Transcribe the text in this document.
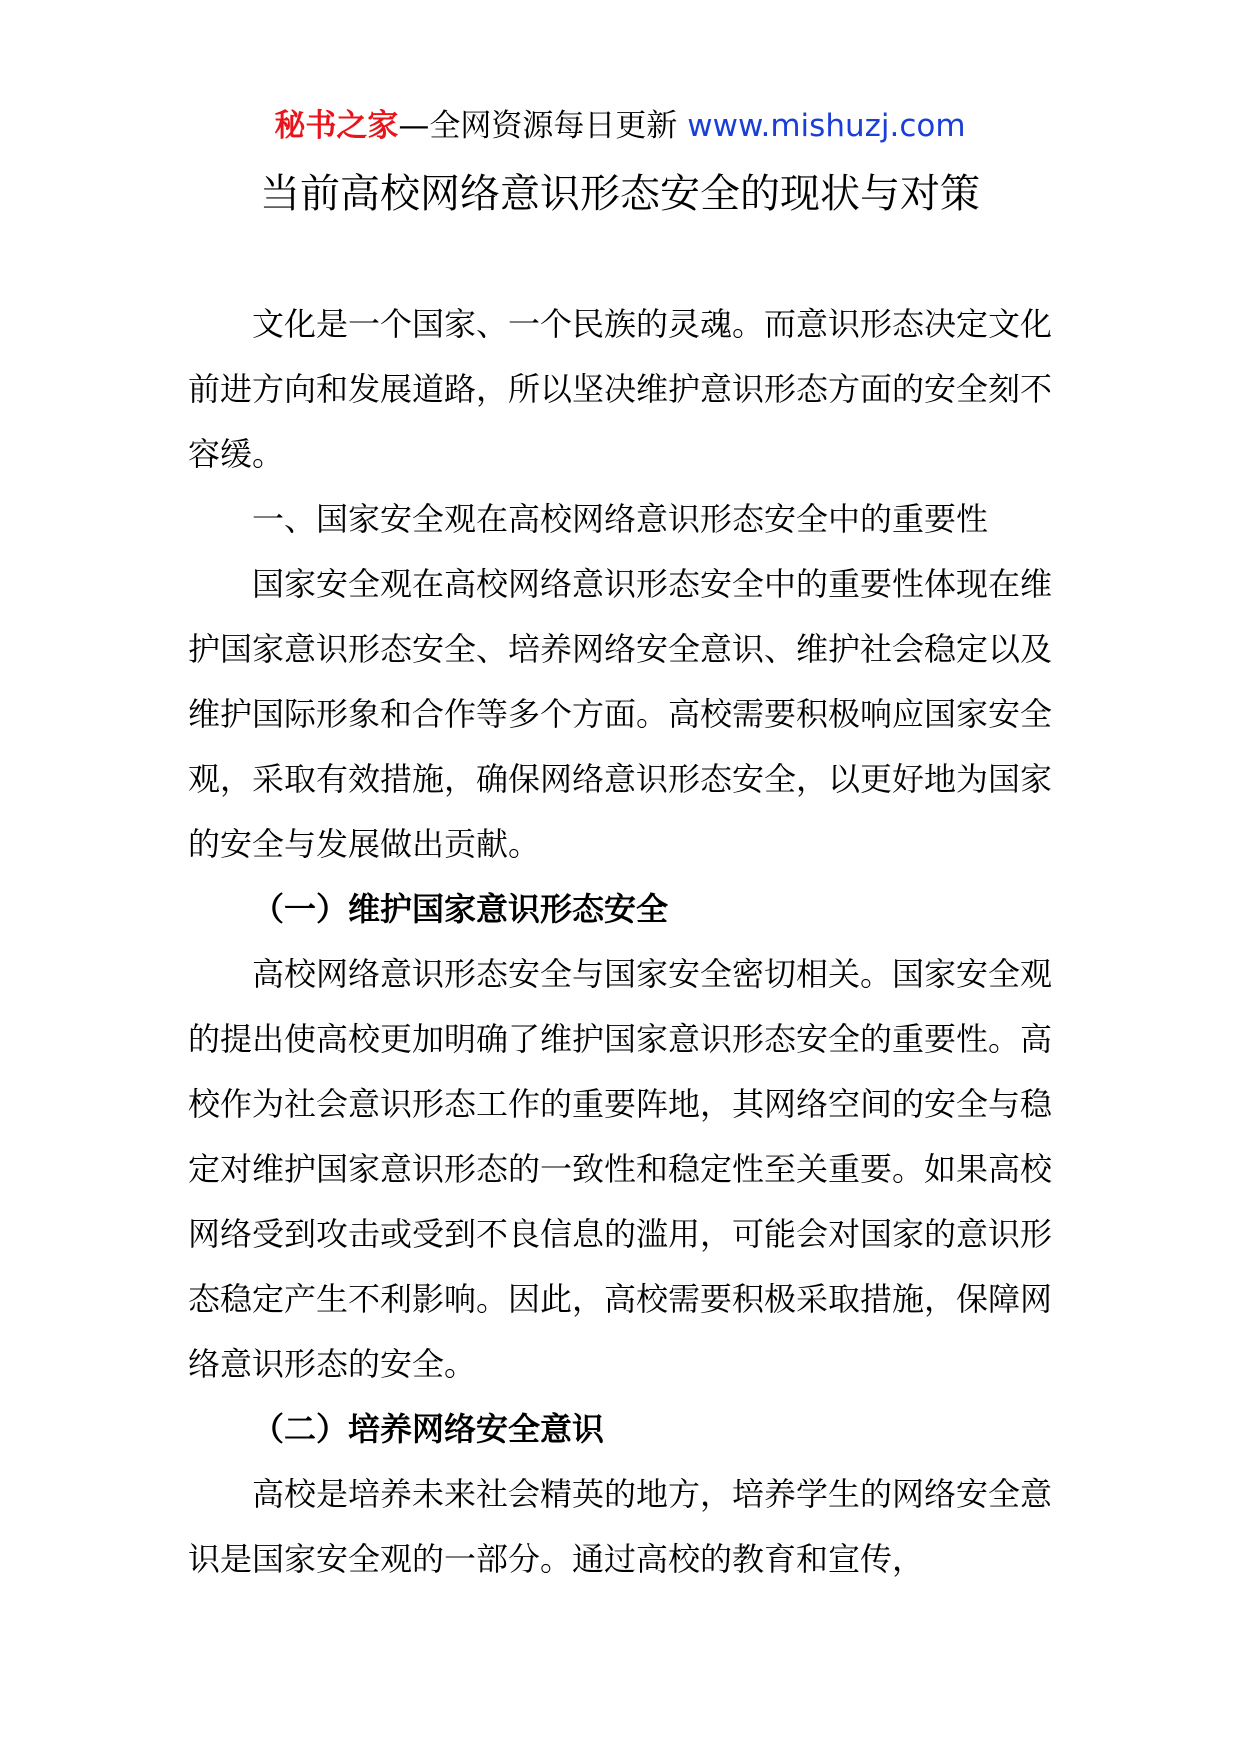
秘书之家—全网资源每日更新 www.mishuzj.com
当前高校网络意识形态安全的现状与对策

文化是一个国家、一个民族的灵魂。而意识形态决定文化前进方向和发展道路，所以坚决维护意识形态方面的安全刻不容缓。

一、国家安全观在高校网络意识形态安全中的重要性

国家安全观在高校网络意识形态安全中的重要性体现在维护国家意识形态安全、培养网络安全意识、维护社会稳定以及维护国际形象和合作等多个方面。高校需要积极响应国家安全观，采取有效措施，确保网络意识形态安全，以更好地为国家的安全与发展做出贡献。

（一）维护国家意识形态安全

高校网络意识形态安全与国家安全密切相关。国家安全观的提出使高校更加明确了维护国家意识形态安全的重要性。高校作为社会意识形态工作的重要阵地，其网络空间的安全与稳定对维护国家意识形态的一致性和稳定性至关重要。如果高校网络受到攻击或受到不良信息的滥用，可能会对国家的意识形态稳定产生不利影响。因此，高校需要积极采取措施，保障网络意识形态的安全。

（二）培养网络安全意识

高校是培养未来社会精英的地方，培养学生的网络安全意识是国家安全观的一部分。通过高校的教育和宣传，
